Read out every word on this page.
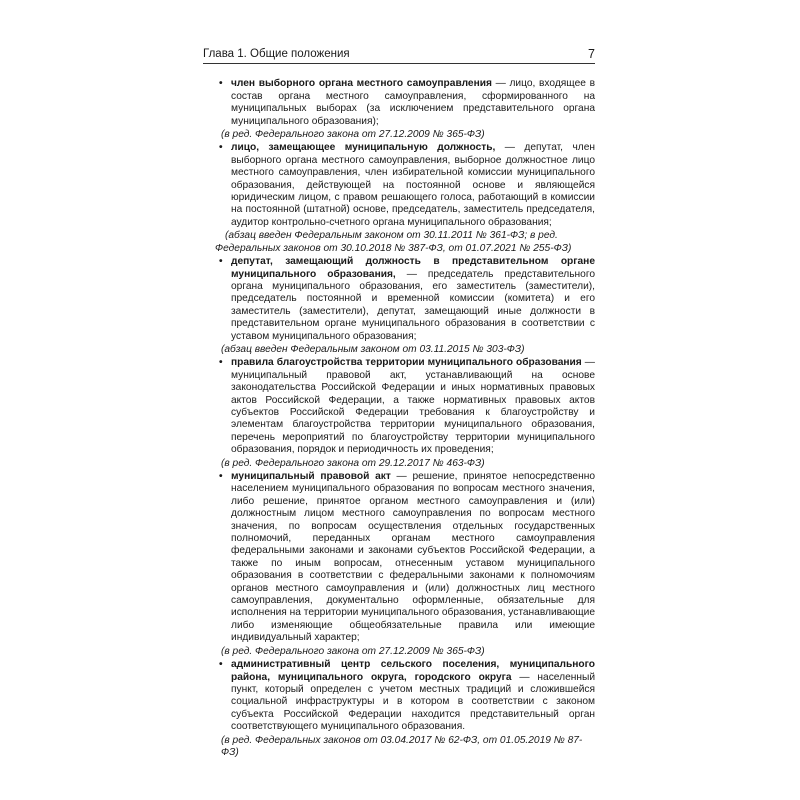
Глава 1. Общие положения	7
• член выборного органа местного самоуправления — лицо, входящее в состав органа местного самоуправления, сформированного на муниципальных выборах (за исключением представительного органа муниципального образования);
(в ред. Федерального закона от 27.12.2009 № 365-ФЗ)
• лицо, замещающее муниципальную должность, — депутат, член выборного органа местного самоуправления, выборное должностное лицо местного самоуправления, член избирательной комиссии муниципального образования, действующей на постоянной основе и являющейся юридическим лицом, с правом решающего голоса, работающий в комиссии на постоянной (штатной) основе, председатель, заместитель председателя, аудитор контрольно-счетного органа муниципального образования;
(абзац введен Федеральным законом от 30.11.2011 № 361-ФЗ; в ред. Федеральных законов от 30.10.2018 № 387-ФЗ, от 01.07.2021 № 255-ФЗ)
• депутат, замещающий должность в представительном органе муниципального образования, — председатель представительного органа муниципального образования, его заместитель (заместители), председатель постоянной и временной комиссии (комитета) и его заместитель (заместители), депутат, замещающий иные должности в представительном органе муниципального образования в соответствии с уставом муниципального образования;
(абзац введен Федеральным законом от 03.11.2015 № 303-ФЗ)
• правила благоустройства территории муниципального образования — муниципальный правовой акт, устанавливающий на основе законодательства Российской Федерации и иных нормативных правовых актов Российской Федерации, а также нормативных правовых актов субъектов Российской Федерации требования к благоустройству и элементам благоустройства территории муниципального образования, перечень мероприятий по благоустройству территории муниципального образования, порядок и периодичность их проведения;
(в ред. Федерального закона от 29.12.2017 № 463-ФЗ)
• муниципальный правовой акт — решение, принятое непосредственно населением муниципального образования по вопросам местного значения, либо решение, принятое органом местного самоуправления и (или) должностным лицом местного самоуправления по вопросам местного значения, по вопросам осуществления отдельных государственных полномочий, переданных органам местного самоуправления федеральными законами и законами субъектов Российской Федерации, а также по иным вопросам, отнесенным уставом муниципального образования в соответствии с федеральными законами к полномочиям органов местного самоуправления и (или) должностных лиц местного самоуправления, документально оформленные, обязательные для исполнения на территории муниципального образования, устанавливающие либо изменяющие общеобязательные правила или имеющие индивидуальный характер;
(в ред. Федерального закона от 27.12.2009 № 365-ФЗ)
• административный центр сельского поселения, муниципального района, муниципального округа, городского округа — населенный пункт, который определен с учетом местных традиций и сложившейся социальной инфраструктуры и в котором в соответствии с законом субъекта Российской Федерации находится представительный орган соответствующего муниципального образования.
(в ред. Федеральных законов от 03.04.2017 № 62-ФЗ, от 01.05.2019 № 87-ФЗ)
